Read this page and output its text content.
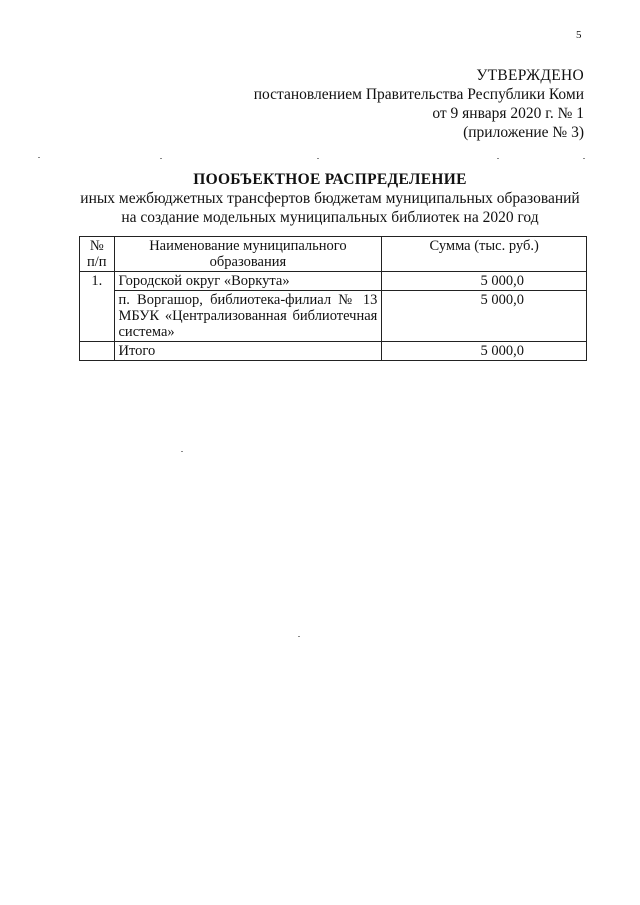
5
УТВЕРЖДЕНО
постановлением Правительства Республики Коми
от 9 января 2020 г. № 1
(приложение № 3)
ПООБЪЕКТНОЕ РАСПРЕДЕЛЕНИЕ
иных межбюджетных трансфертов бюджетам муниципальных образований
на создание модельных муниципальных библиотек на 2020 год
№ п/п	Наименование муниципального образования	Сумма (тыс. руб.)
1.	Городской округ «Воркута»	5 000,0
	п. Воргашор, библиотека-филиал № 13 МБУК «Централизованная библиотечная система»	5 000,0
	Итого	5 000,0
